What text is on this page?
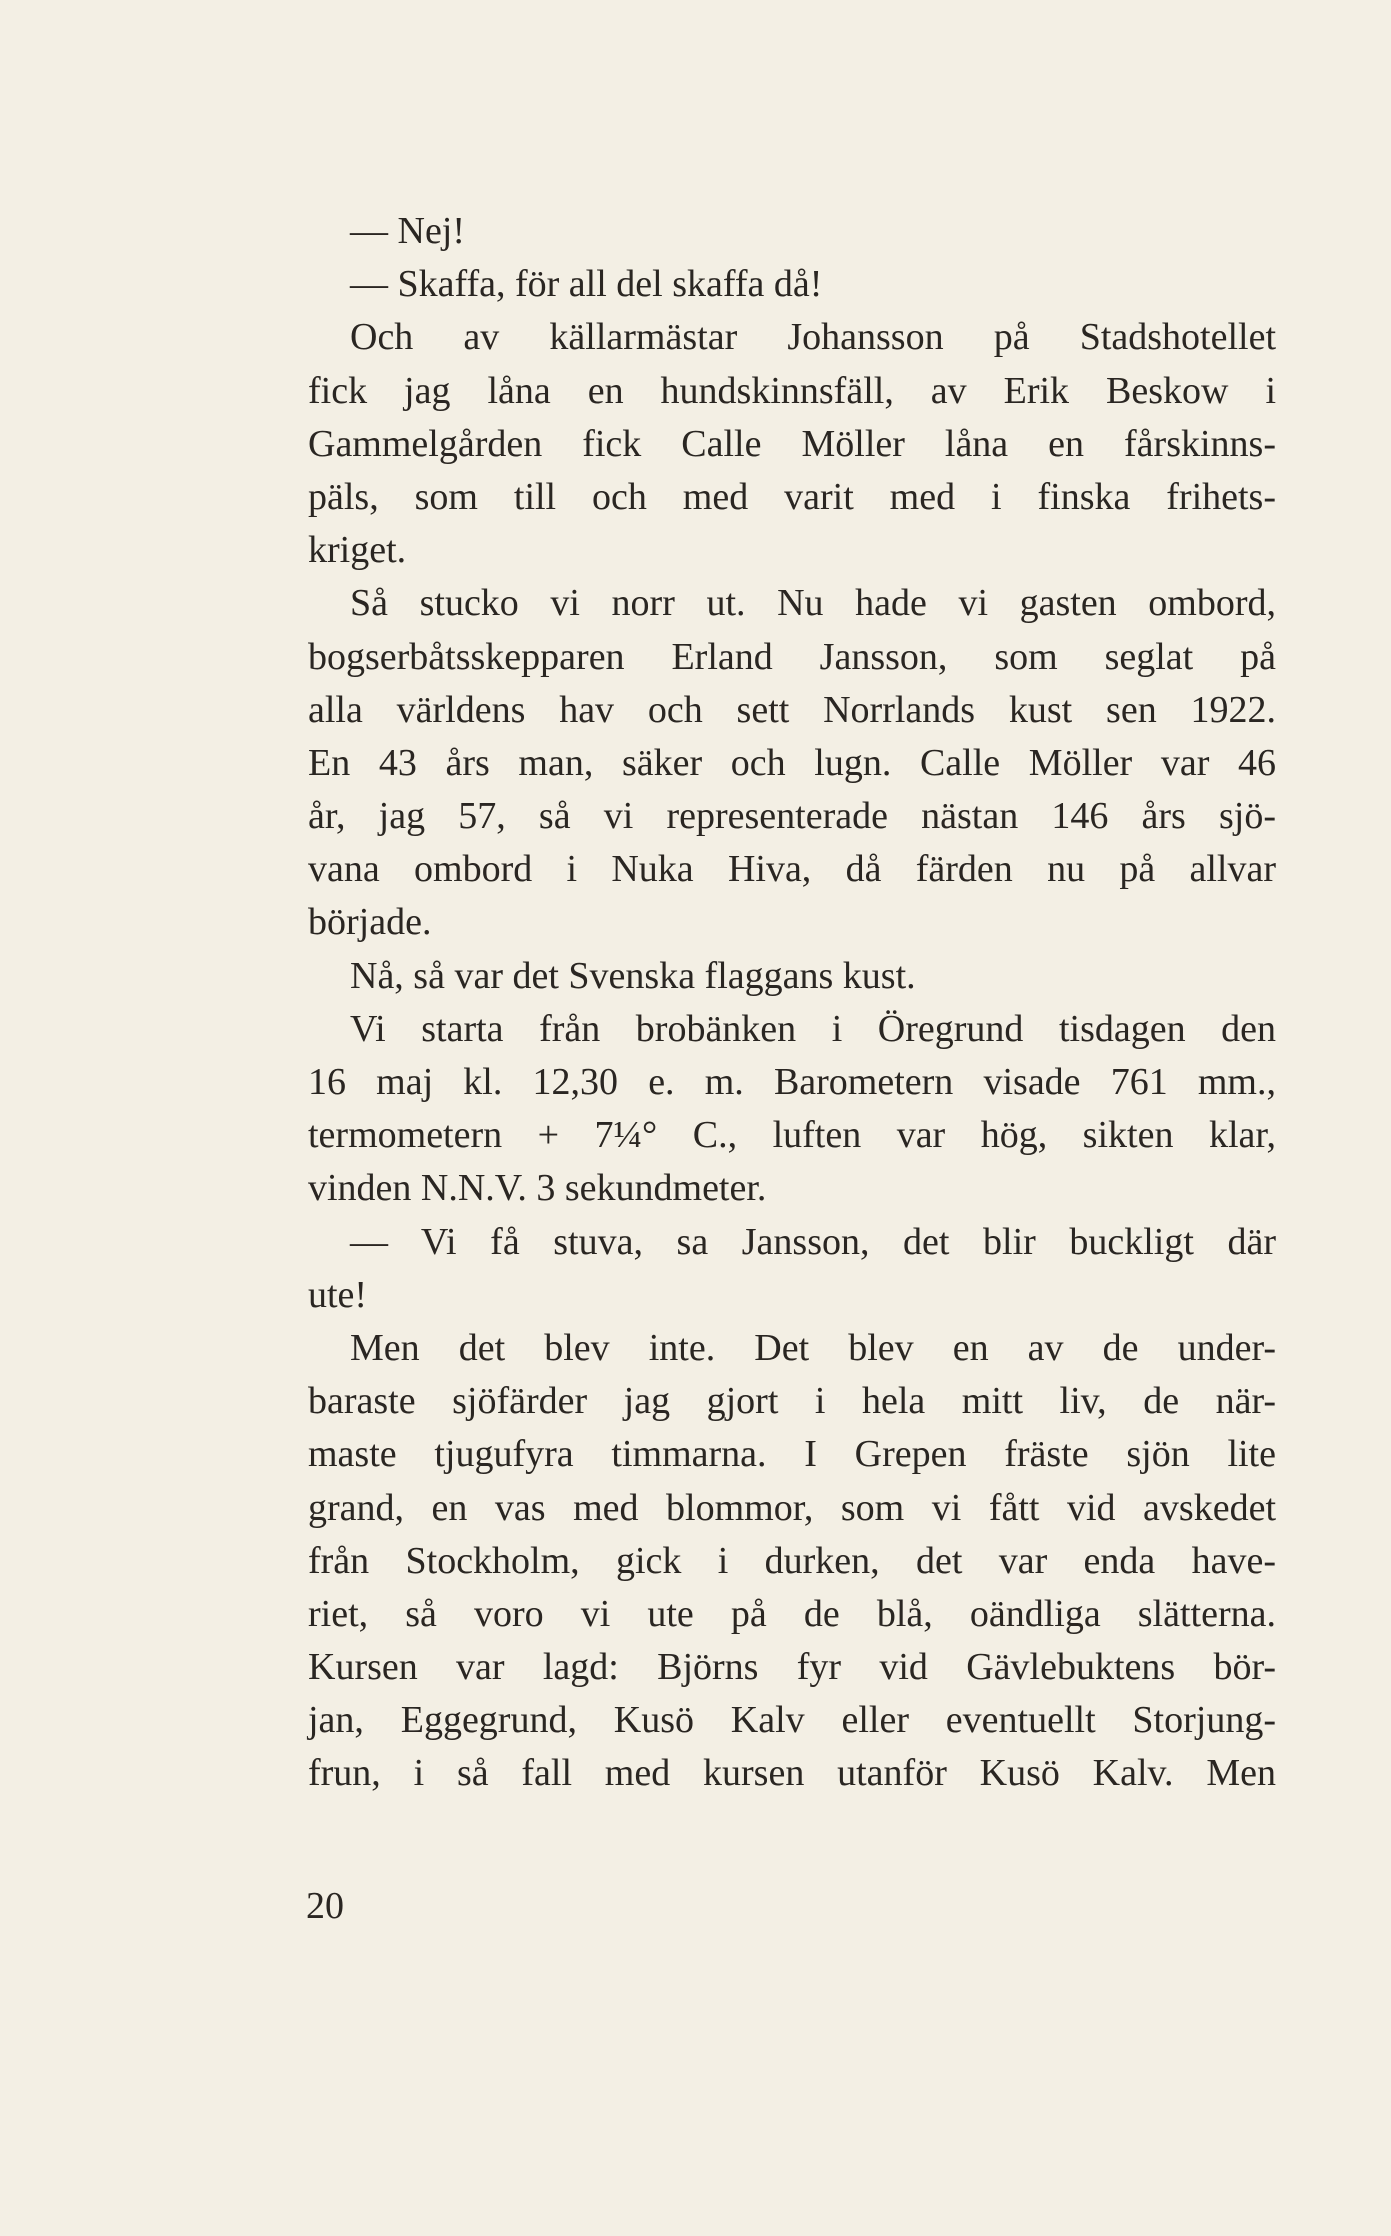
— Nej!
— Skaffa, för all del skaffa då!
Och av källarmästar Johansson på Stadshotellet
fick jag låna en hundskinnsfäll, av Erik Beskow i
Gammelgården fick Calle Möller låna en fårskinns-
päls, som till och med varit med i finska frihets-
kriget.
Så stucko vi norr ut. Nu hade vi gasten ombord,
bogserbåtsskepparen Erland Jansson, som seglat på
alla världens hav och sett Norrlands kust sen 1922.
En 43 års man, säker och lugn. Calle Möller var 46
år, jag 57, så vi representerade nästan 146 års sjö-
vana ombord i Nuka Hiva, då färden nu på allvar
började.
Nå, så var det Svenska flaggans kust.
Vi starta från brobänken i Öregrund tisdagen den
16 maj kl. 12,30 e. m. Barometern visade 761 mm.,
termometern + 7¼° C., luften var hög, sikten klar,
vinden N.N.V. 3 sekundmeter.
— Vi få stuva, sa Jansson, det blir buckligt där
ute!
Men det blev inte. Det blev en av de under-
baraste sjöfärder jag gjort i hela mitt liv, de när-
maste tjugufyra timmarna. I Grepen fräste sjön lite
grand, en vas med blommor, som vi fått vid avskedet
från Stockholm, gick i durken, det var enda have-
riet, så voro vi ute på de blå, oändliga slätterna.
Kursen var lagd: Björns fyr vid Gävlebuktens bör-
jan, Eggegrund, Kusö Kalv eller eventuellt Storjung-
frun, i så fall med kursen utanför Kusö Kalv. Men
20
